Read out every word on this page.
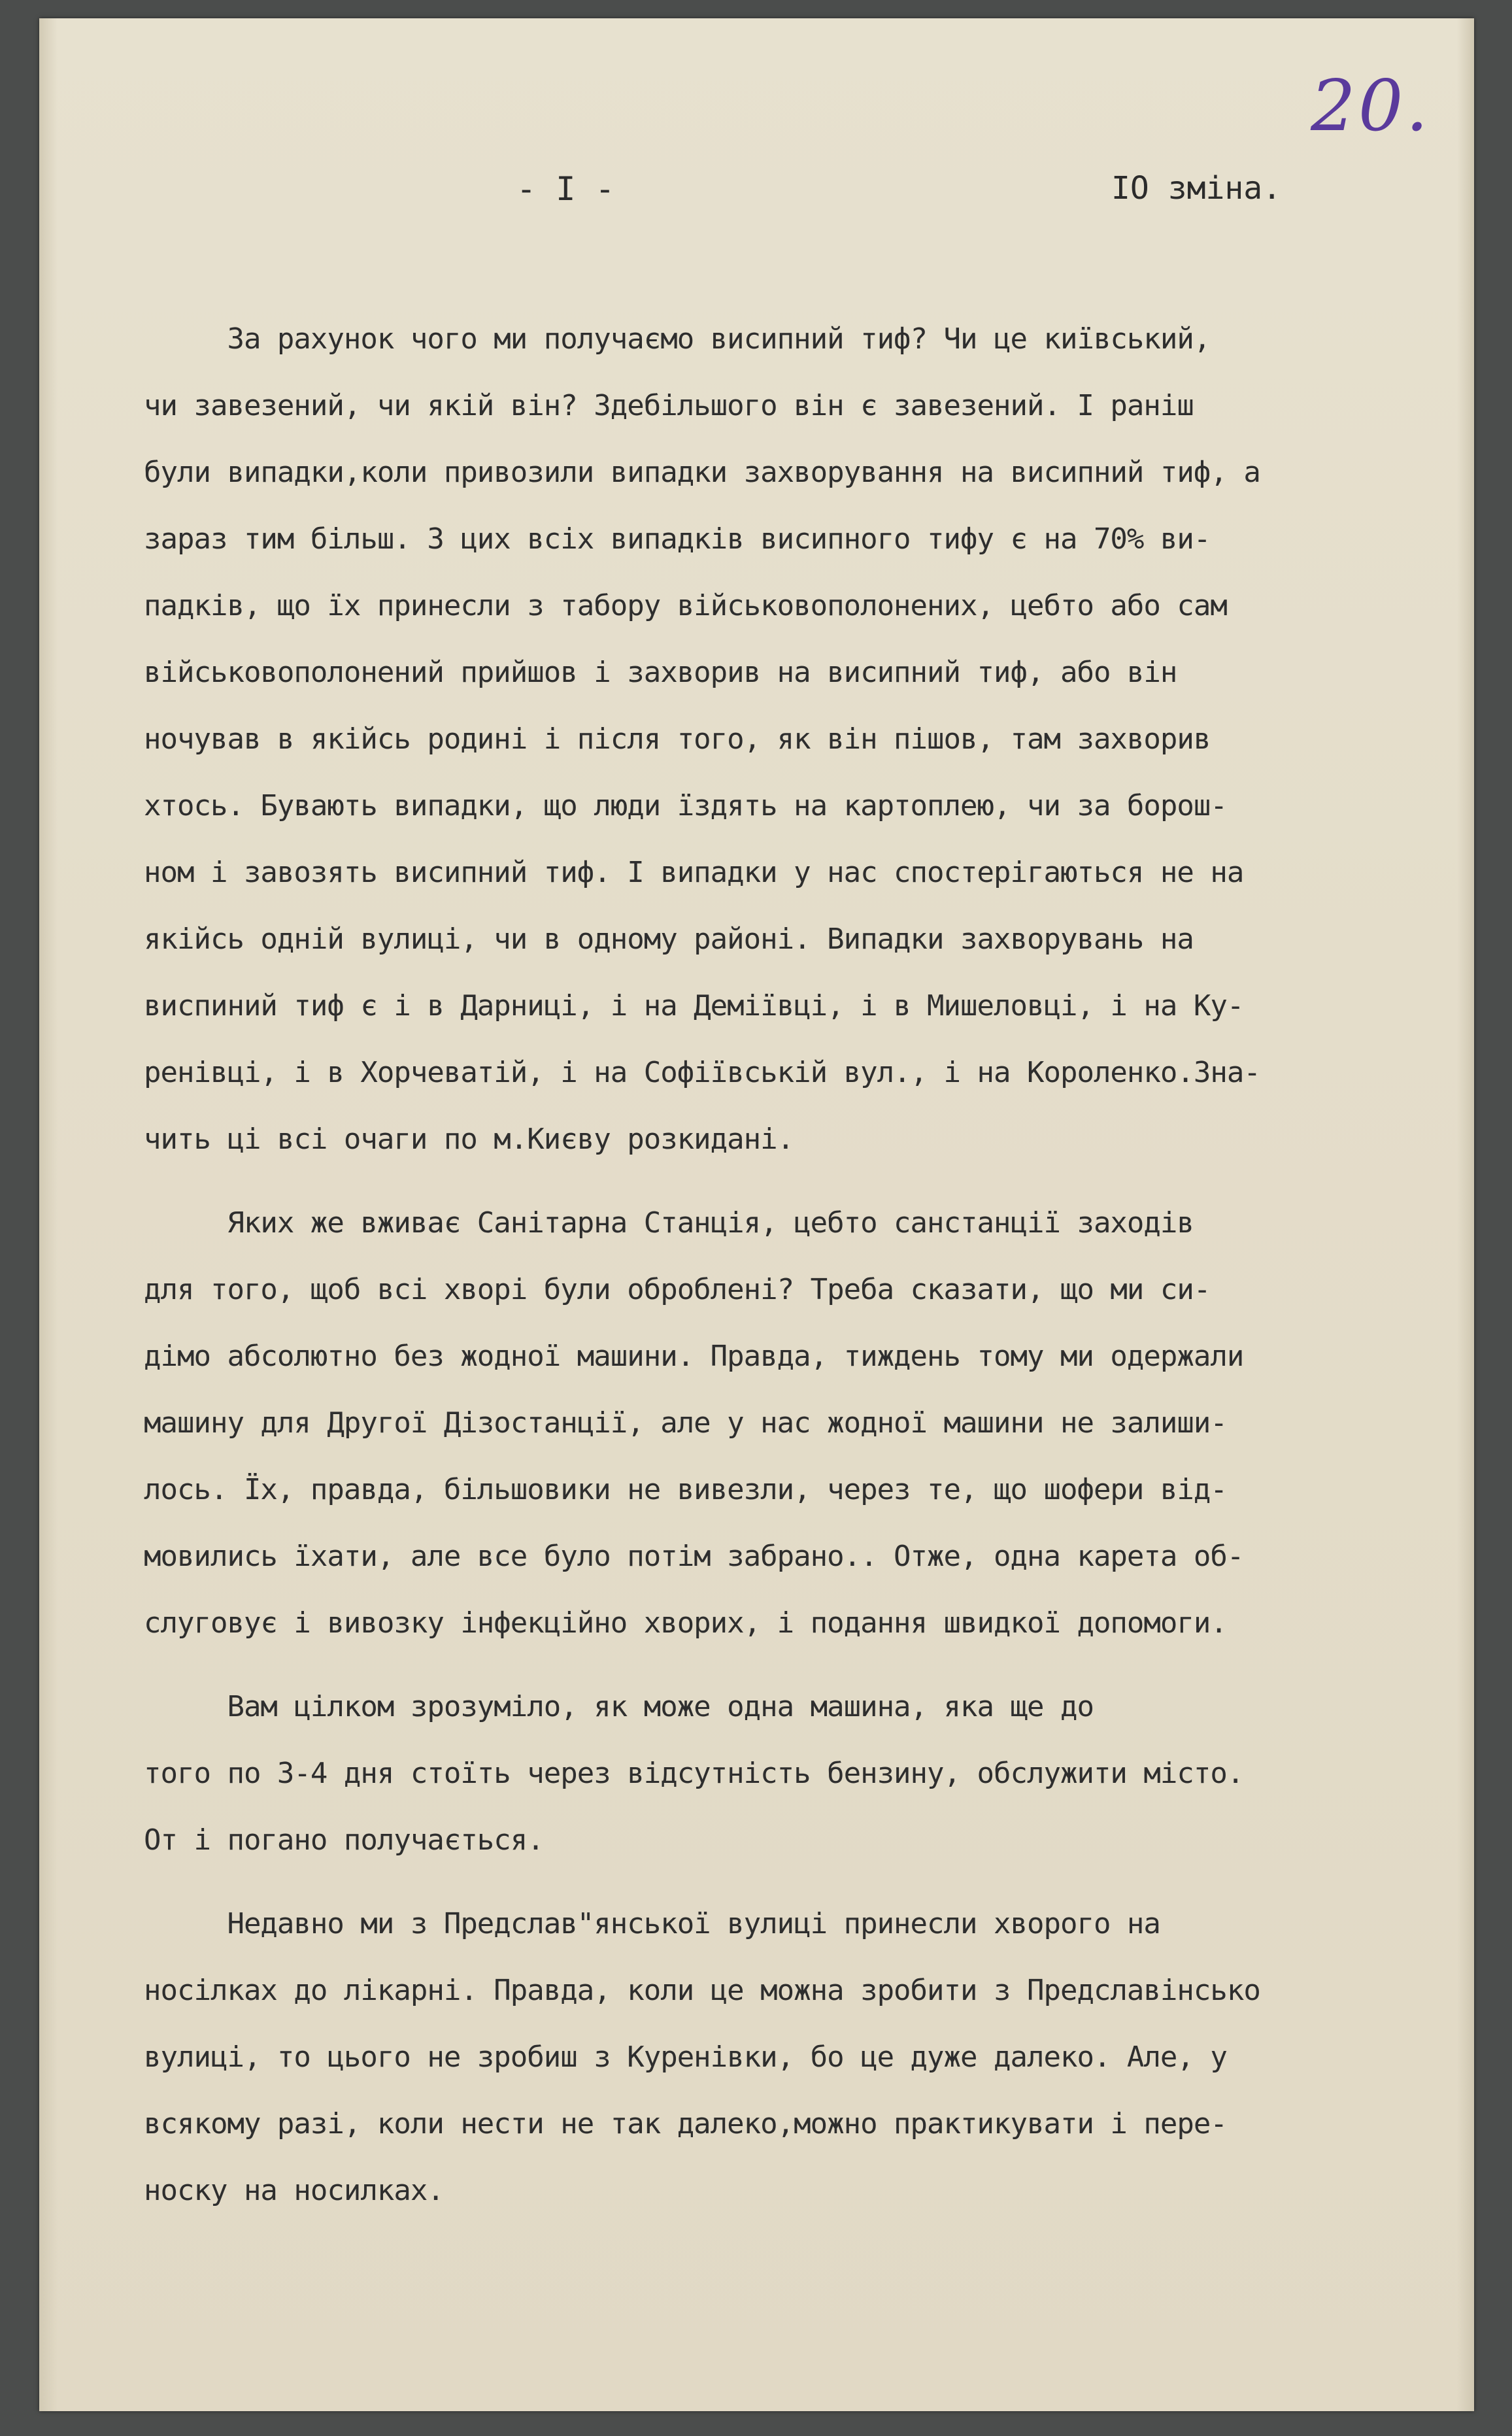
20.
- I -	IO зміна.
За рахунок чого ми получаємо висипний тиф? Чи це київський,
чи завезений, чи якій він? Здебільшого він є завезений. І раніш
були випадки,коли привозили випадки захворування на висипний тиф, а
зараз тим більш. З цих всіх випадків висипного тифу є на 70% ви-
падків, що їх принесли з табору військовополонених, цебто або сам
військовополонений прийшов і захворив на висипний тиф, або він
ночував в якійсь родині і після того, як він пішов, там захворив
хтось. Бувають випадки, що люди їздять на картоплею, чи за борош-
ном і завозять висипний тиф. І випадки у нас спостерігаються не на
якійсь одній вулиці, чи в одному районі. Випадки захворувань на
виспиний тиф є і в Дарниці, і на Деміївці, і в Мишеловці, і на Ку-
ренівці, і в Хорчеватій, і на Софіївській вул., і на Короленко.Зна-
чить ці всі очаги по м.Києву розкидані.
Яких же вживає Санітарна Станція, цебто санстанції заходів
для того, щоб всі хворі були оброблені? Треба сказати, що ми си-
дімо абсолютно без жодної машини. Правда, тиждень тому ми одержали
машину для Другої Дізостанції, але у нас жодної машини не залиши-
лось. Їх, правда, більшовики не вивезли, через те, що шофери від-
мовились їхати, але все було потім забрано.. Отже, одна карета об-
слуговує і вивозку інфекційно хворих, і подання швидкої допомоги.
Вам цілком зрозуміло, як може одна машина, яка ще до
того по 3-4 дня стоїть через відсутність бензину, обслужити місто.
От і погано получається.
Недавно ми з Предслав"янської вулиці принесли хворого на
носілках до лікарні. Правда, коли це можна зробити з Предславінсько
вулиці, то цього не зробиш з Куренівки, бо це дуже далеко. Але, у
всякому разі, коли нести не так далеко,можно практикувати і пере-
носку на носилках.
